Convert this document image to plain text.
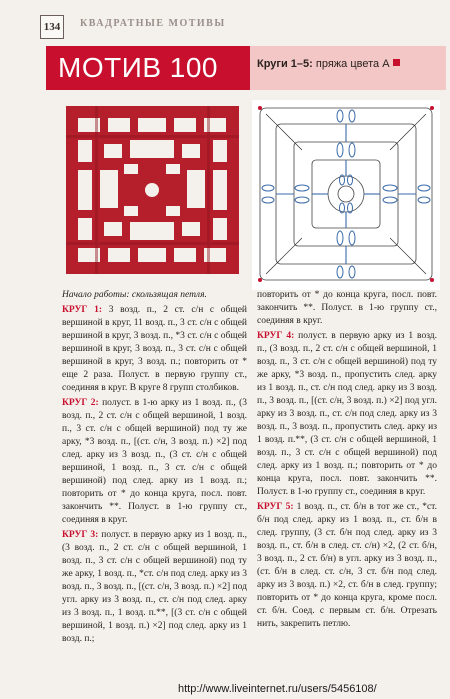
134	КВАДРАТНЫЕ МОТИВЫ
МОТИВ 100	Круги 1–5: пряжа цвета А

Начало работы: скользящая петля.

КРУГ 1: 3 возд. п., 2 ст. с/н с общей вершиной в круг, 11 возд. п., 3 ст. с/н с общей вершиной в круг, 3 возд. п., *3 ст. с/н с общей вершиной в круг, 3 возд. п., 3 ст. с/н с общей вершиной в круг, 3 возд. п.; повторить от * еще 2 раза. Полуст. в первую группу ст., соединяя в круг. В круге 8 групп столбиков.

КРУГ 2: полуст. в 1-ю арку из 1 возд. п., (3 возд. п., 2 ст. с/н с общей вершиной, 1 возд. п., 3 ст. с/н с общей вершиной) под ту же арку, *3 возд. п., [(ст. с/н, 3 возд. п.) ×2] под след. арку из 3 возд. п., (3 ст. с/н с общей вершиной, 1 возд. п., 3 ст. с/н с общей вершиной) под след. арку из 1 возд. п.; повторить от * до конца круга, посл. повт. закончить **. Полуст. в 1-ю группу ст., соединяя в круг.

КРУГ 3: полуст. в первую арку из 1 возд. п., (3 возд. п., 2 ст. с/н с общей вершиной, 1 возд. п., 3 ст. с/н с общей вершиной) под ту же арку, 1 возд. п., *ст. с/н под след. арку из 3 возд. п., 3 возд. п., [(ст. с/н, 3 возд. п.) ×2] под угл. арку из 3 возд. п., ст. с/н под след. арку из 3 возд. п., 1 возд. п.**, [(3 ст. с/н с общей вершиной, 1 возд. п.) ×2] под след. арку из 1 возд. п.;

повторить от * до конца круга, посл. повт. закончить **. Полуст. в 1-ю группу ст., соединяя в круг.

КРУГ 4: полуст. в первую арку из 1 возд. п., (3 возд. п., 2 ст. с/н с общей вершиной, 1 возд. п., 3 ст. с/н с общей вершиной) под ту же арку, *3 возд. п., пропустить след. арку из 1 возд. п., ст. с/н под след. арку из 3 возд. п., 3 возд. п., [(ст. с/н, 3 возд. п.) ×2] под угл. арку из 3 возд. п., ст. с/н под след. арку из 3 возд. п., 3 возд. п., пропустить след. арку из 1 возд. п.**, (3 ст. с/н с общей вершиной, 1 возд. п., 3 ст. с/н с общей вершиной) под след. арку из 1 возд. п.; повторить от * до конца круга, посл. повт. закончить **. Полуст. в 1-ю группу ст., соединяя в круг.

КРУГ 5: 1 возд. п., ст. б/н в тот же ст., *ст. б/н под след. арку из 1 возд. п., ст. б/н в след. группу, (3 ст. б/н под след. арку из 3 возд. п., ст. б/н в след. ст. с/н) ×2, (2 ст. б/н, 3 возд. п., 2 ст. б/н) в угл. арку из 3 возд. п., (ст. б/н в след. ст. с/н, 3 ст. б/н под след. арку из 3 возд. п.) ×2, ст. б/н в след. группу; повторить от * до конца круга, кроме посл. ст. б/н. Соед. с первым ст. б/н. Отрезать нить, закрепить петлю.

http://www.liveinternet.ru/users/5456108/
